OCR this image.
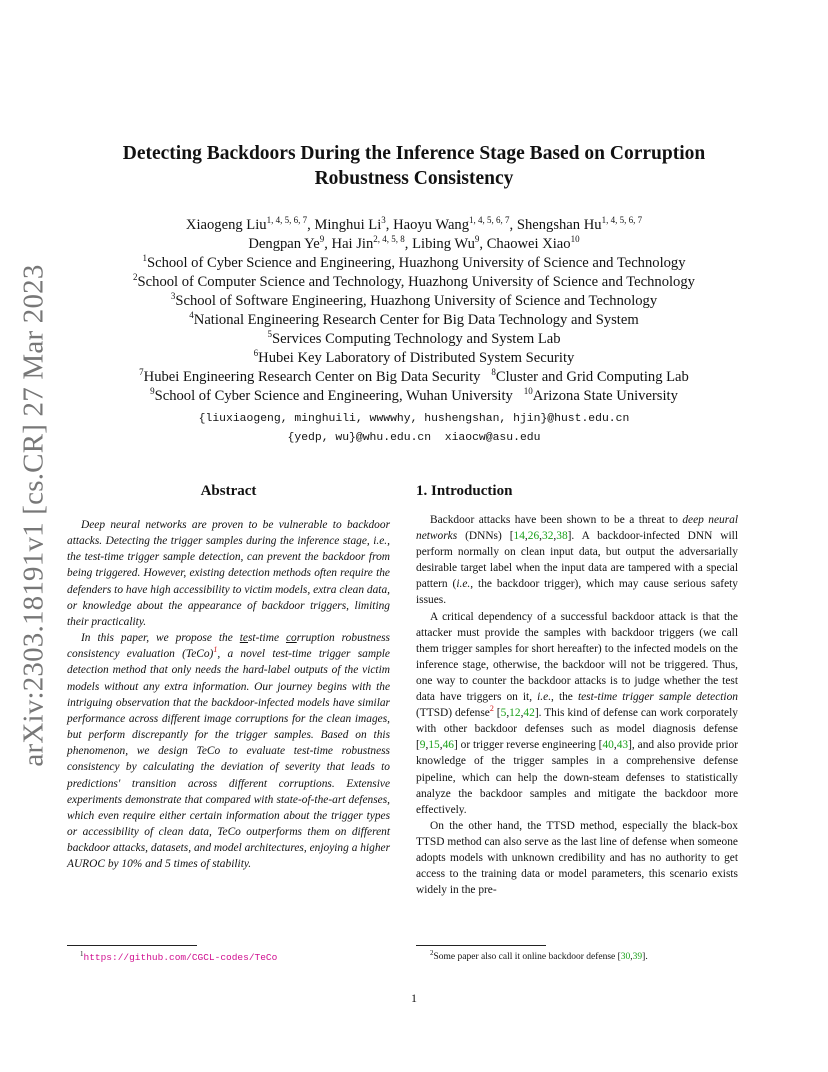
arXiv:2303.18191v1 [cs.CR] 27 Mar 2023
Detecting Backdoors During the Inference Stage Based on Corruption
Robustness Consistency
Xiaogeng Liu$^{1, 4, 5, 6, 7}$, Minghui Li$^3$, Haoyu Wang$^{1, 4, 5, 6, 7}$, Shengshan Hu$^{1, 4, 5, 6, 7}$
Dengpan Ye$^9$, Hai Jin$^{2, 4, 5, 8}$, Libing Wu$^9$, Chaowei Xiao$^{10}$
$^1$School of Cyber Science and Engineering, Huazhong University of Science and Technology
$^2$School of Computer Science and Technology, Huazhong University of Science and Technology
$^3$School of Software Engineering, Huazhong University of Science and Technology
$^4$National Engineering Research Center for Big Data Technology and System
$^5$Services Computing Technology and System Lab
$^6$Hubei Key Laboratory of Distributed System Security
$^7$Hubei Engineering Research Center on Big Data Security $^8$Cluster and Grid Computing Lab
$^9$School of Cyber Science and Engineering, Wuhan University $^{10}$Arizona State University
{liuxiaogeng, minghuili, wwwwhy, hushengshan, hjin}@hust.edu.cn
{yedp, wu}@whu.edu.cn  xiaocw@asu.edu
Abstract	1. Introduction

Deep neural networks are proven to be vulnerable to backdoor attacks. Detecting the trigger samples during the inference stage, i.e., the test-time trigger sample detection, can prevent the backdoor from being triggered. However, existing detection methods often require the defenders to have high accessibility to victim models, extra clean data, or knowledge about the appearance of backdoor triggers, limiting their practicality.

In this paper, we propose the test-time corruption robustness consistency evaluation (TeCo)$^1$, a novel test-time trigger sample detection method that only needs the hard-label outputs of the victim models without any extra information. Our journey begins with the intriguing observation that the backdoor-infected models have similar performance across different image corruptions for the clean images, but perform discrepantly for the trigger samples. Based on this phenomenon, we design TeCo to evaluate test-time robustness consistency by calculating the deviation of severity that leads to predictions' transition across different corruptions. Extensive experiments demonstrate that compared with state-of-the-art defenses, which even require either certain information about the trigger types or accessibility of clean data, TeCo outperforms them on different backdoor attacks, datasets, and model architectures, enjoying a higher AUROC by 10% and 5 times of stability.

Backdoor attacks have been shown to be a threat to deep neural networks (DNNs) [14,26,32,38]. A backdoor-infected DNN will perform normally on clean input data, but output the adversarially desirable target label when the input data are tampered with a special pattern (i.e., the backdoor trigger), which may cause serious safety issues.

A critical dependency of a successful backdoor attack is that the attacker must provide the samples with backdoor triggers (we call them trigger samples for short hereafter) to the infected models on the inference stage, otherwise, the backdoor will not be triggered. Thus, one way to counter the backdoor attacks is to judge whether the test data have triggers on it, i.e., the test-time trigger sample detection (TTSD) defense$^2$ [5,12,42]. This kind of defense can work corporately with other backdoor defenses such as model diagnosis defense [9,15,46] or trigger reverse engineering [40,43], and also provide prior knowledge of the trigger samples in a comprehensive defense pipeline, which can help the down-steam defenses to statistically analyze the backdoor samples and mitigate the backdoor more effectively.

On the other hand, the TTSD method, especially the black-box TTSD method can also serve as the last line of defense when someone adopts models with unknown credibility and has no authority to get access to the training data or model parameters, this scenario exists widely in the pre-

$^1$https://github.com/CGCL-codes/TeCo	$^2$Some paper also call it online backdoor defense [30,39].
1
